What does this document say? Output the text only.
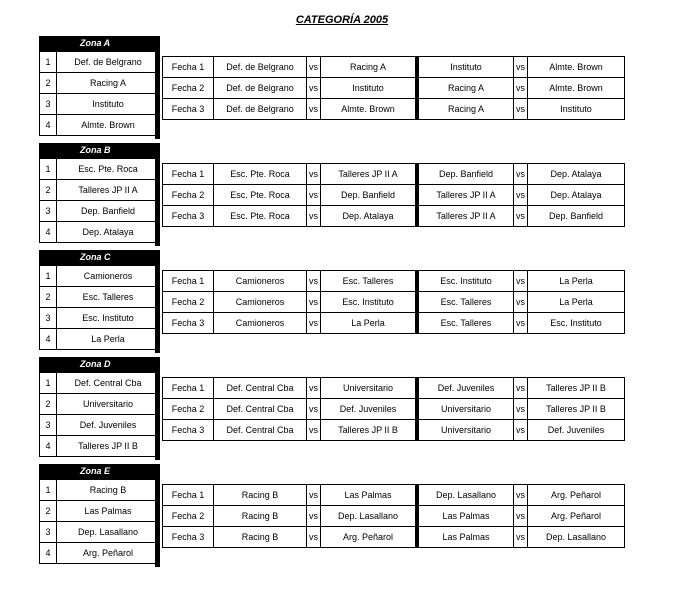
CATEGORÍA 2005
Zona A
1	Def. de Belgrano
2	Racing A
3	Instituto
4	Almte. Brown
Fecha 1	Def. de Belgrano	vs	Racing A		Instituto	vs	Almte. Brown
Fecha 2	Def. de Belgrano	vs	Instituto		Racing A	vs	Almte. Brown
Fecha 3	Def. de Belgrano	vs	Almte. Brown		Racing A	vs	Instituto
Zona B
1	Esc. Pte. Roca
2	Talleres JP II A
3	Dep. Banfield
4	Dep. Atalaya
Fecha 1	Esc. Pte. Roca	vs	Talleres JP II A		Dep. Banfield	vs	Dep. Atalaya
Fecha 2	Esc. Pte. Roca	vs	Dep. Banfield		Talleres JP II A	vs	Dep. Atalaya
Fecha 3	Esc. Pte. Roca	vs	Dep. Atalaya		Talleres JP II A	vs	Dep. Banfield
Zona C
1	Camioneros
2	Esc. Talleres
3	Esc. Instituto
4	La Perla
Fecha 1	Camioneros	vs	Esc. Talleres		Esc. Instituto	vs	La Perla
Fecha 2	Camioneros	vs	Esc. Instituto		Esc. Talleres	vs	La Perla
Fecha 3	Camioneros	vs	La Perla		Esc. Talleres	vs	Esc. Instituto
Zona D
1	Def. Central Cba
2	Universitario
3	Def. Juveniles
4	Talleres JP II B
Fecha 1	Def. Central Cba	vs	Universitario		Def. Juveniles	vs	Talleres JP II B
Fecha 2	Def. Central Cba	vs	Def. Juveniles		Universitario	vs	Talleres JP II B
Fecha 3	Def. Central Cba	vs	Talleres JP II B		Universitario	vs	Def. Juveniles
Zona E
1	Racing B
2	Las Palmas
3	Dep. Lasallano
4	Arg. Peñarol
Fecha 1	Racing B	vs	Las Palmas		Dep. Lasallano	vs	Arg. Peñarol
Fecha 2	Racing B	vs	Dep. Lasallano		Las Palmas	vs	Arg. Peñarol
Fecha 3	Racing B	vs	Arg. Peñarol		Las Palmas	vs	Dep. Lasallano
